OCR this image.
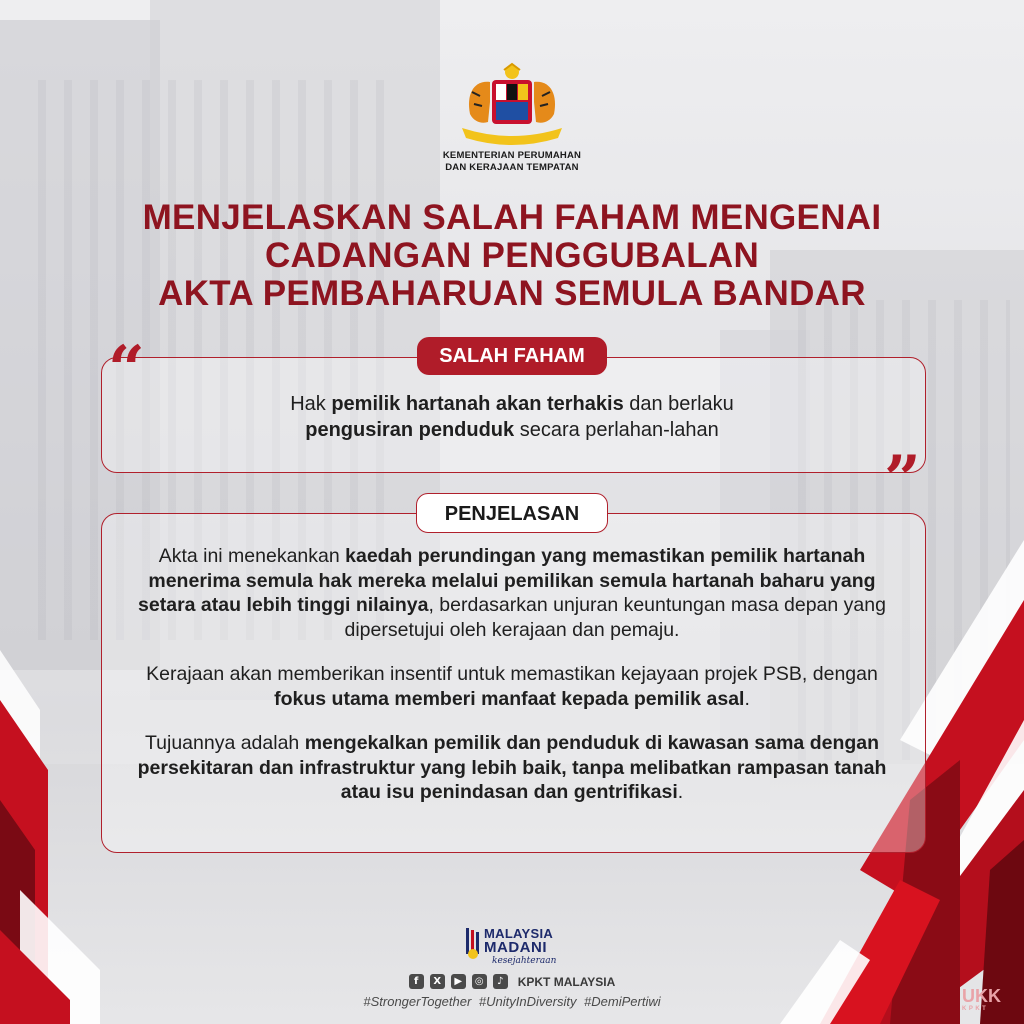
KEMENTERIAN PERUMAHAN
DAN KERAJAAN TEMPATAN
MENJELASKAN SALAH FAHAM MENGENAI
CADANGAN PENGGUBALAN
AKTA PEMBAHARUAN SEMULA BANDAR
“
”
SALAH FAHAM
Hak pemilik hartanah akan terhakis dan berlaku
pengusiran penduduk secara perlahan-lahan
PENJELASAN

Akta ini menekankan kaedah perundingan yang memastikan pemilik hartanah menerima semula hak mereka melalui pemilikan semula hartanah baharu yang setara atau lebih tinggi nilainya, berdasarkan unjuran keuntungan masa depan yang dipersetujui oleh kerajaan dan pemaju.

Kerajaan akan memberikan insentif untuk memastikan kejayaan projek PSB, dengan fokus utama memberi manfaat kepada pemilik asal.

Tujuannya adalah mengekalkan pemilik dan penduduk di kawasan sama dengan persekitaran dan infrastruktur yang lebih baik, tanpa melibatkan rampasan tanah atau isu penindasan dan gentrifikasi.

MALAYSIA
MADANI
kesejahteraan
f	X	▶	◎	♪	KPKT MALAYSIA
#StrongerTogether #UnityInDiversity #DemiPertiwi	UKK
KPKT
